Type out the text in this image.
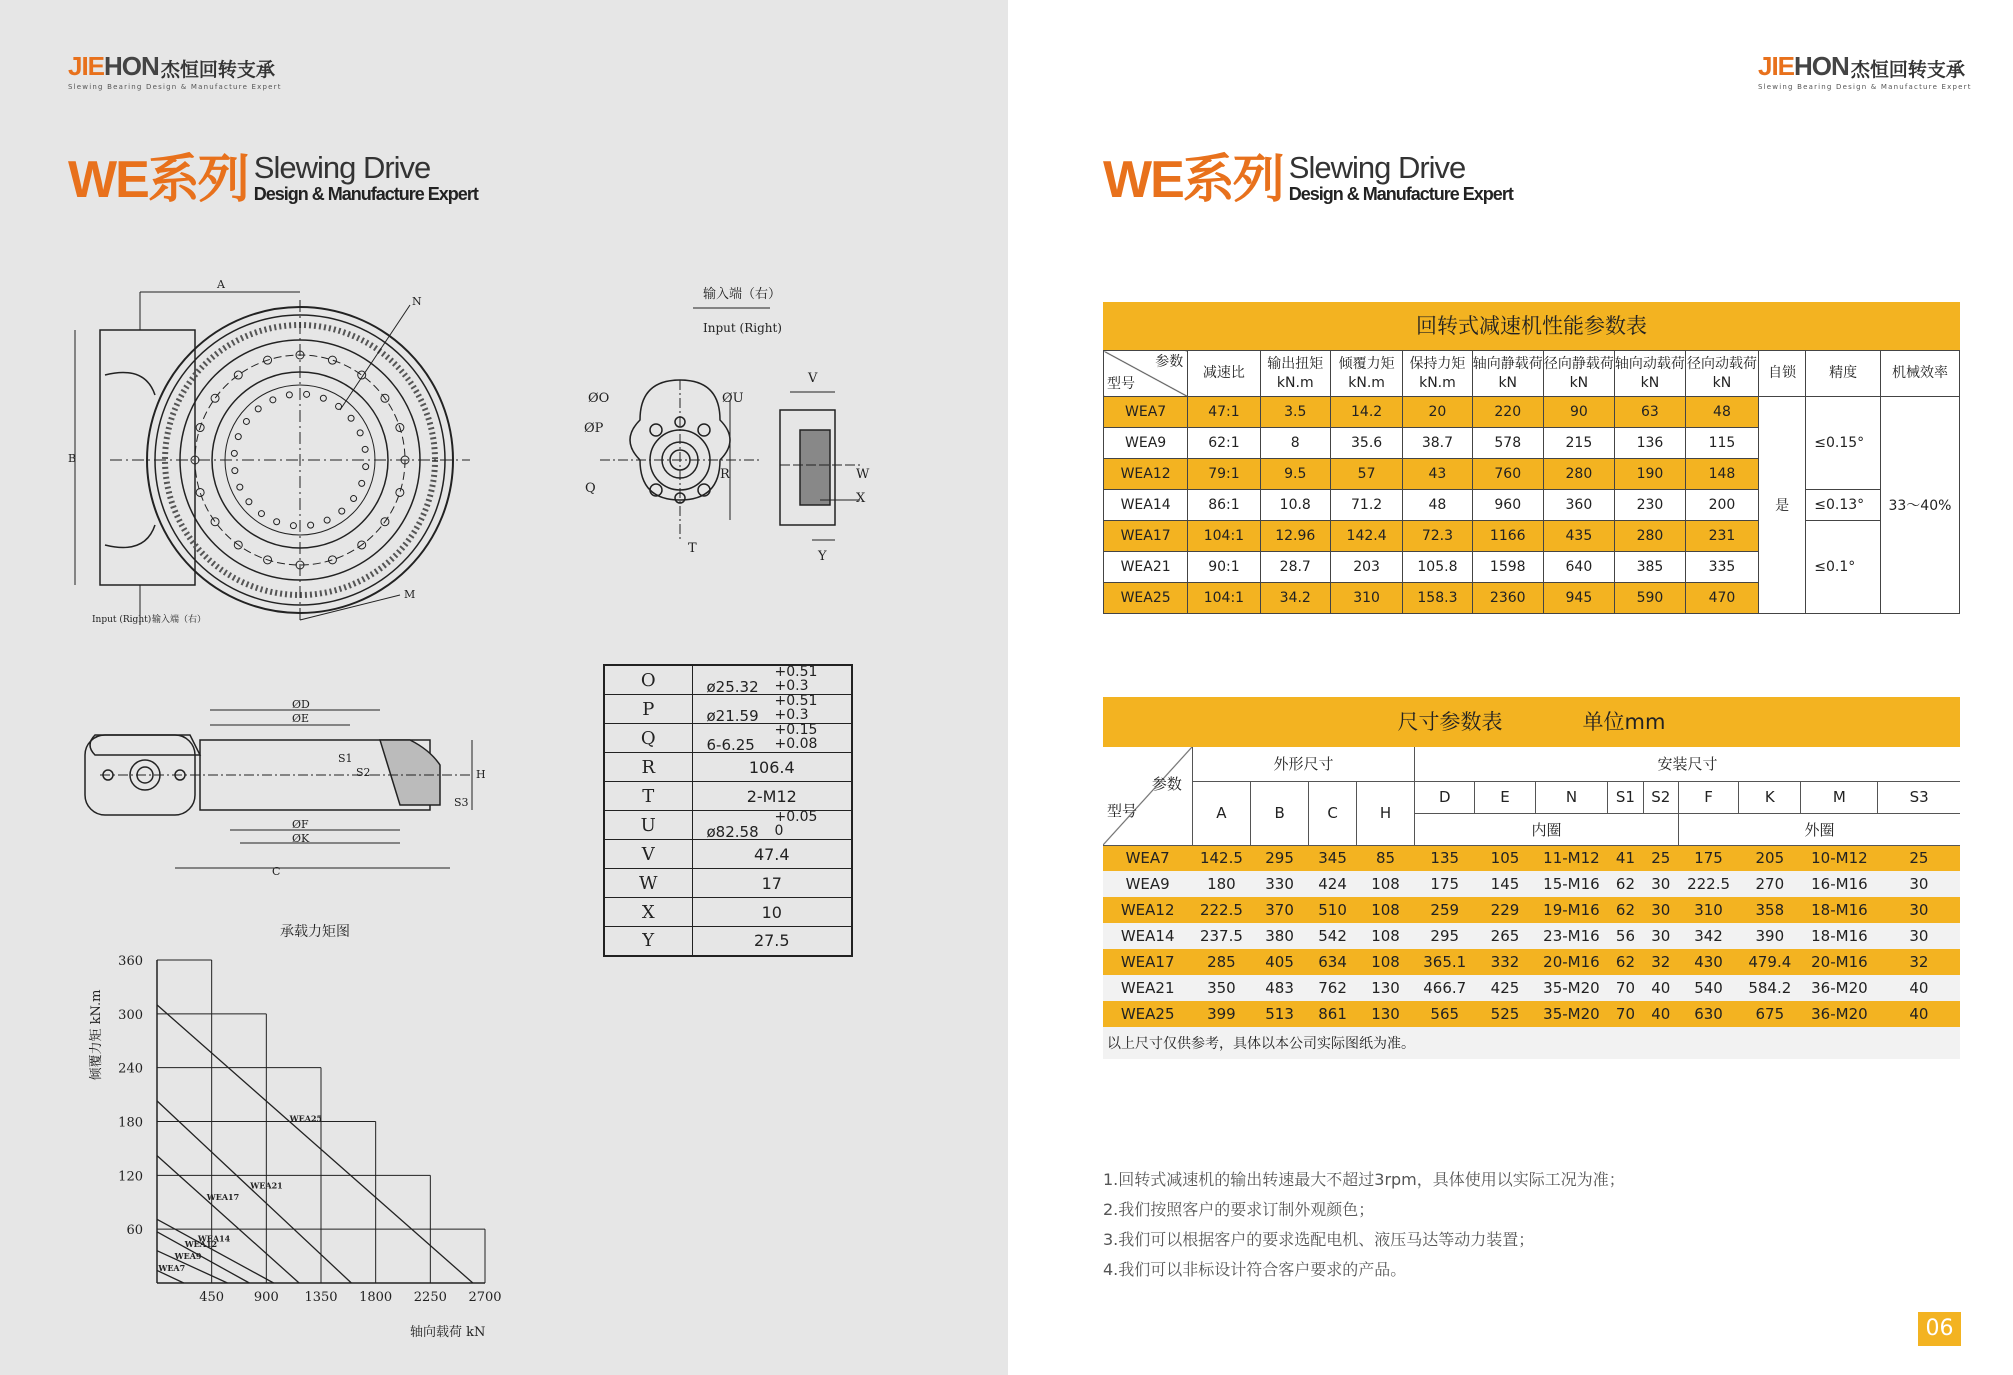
JIEHON 杰恒回转支承
Slewing Bearing Design & Manufacture Expert
WE系列 Slewing Drive
Design & Manufacture Expert
A
B
N
M
Input (Right) 输入端（右）
输入端（右）
Input (Right)
ØO	ØU
ØP
Q
R
T
V
W
X
Y
ØD
ØE
ØF
ØK
S1
S2
S3
H
C
承载力矩图
450 900 1350 1800 2250 2700
60
120
180
240
300
360
轴向载荷 kN
倾覆力矩 kN.m
WEA25
WEA21
WEA17
WEA14
WEA12
WEA9
WEA7
O	ø25.32
+0.51
+0.3

P	ø21.59
+0.51
+0.3

Q	6-6.25
+0.15
+0.08

R	106.4
T	2-M12
U	ø82.58
+0.05
0

V	47.4
W	17
X	10
Y	27.5
JIEHON 杰恒回转支承
Slewing Bearing Design & Manufacture Expert
WE系列 Slewing Drive
Design & Manufacture Expert
回转式减速机性能参数表
参数
型号	减速比	输出扭矩kN.m	倾覆力矩kN.m	保持力矩kN.m	轴向静载荷kN	径向静载荷kN	轴向动载荷kN	径向动载荷kN	自锁	精度	机械效率
WEA7	47:1	3.5	14.2	20	220	90	63	48	是	≤0.15°	33～40%
WEA9	62:1	8	35.6	38.7	578	215	136	115			
WEA12	79:1	9.5	57	43	760	280	190	148			
WEA14	86:1	10.8	71.2	48	960	360	230	200		≤0.13°	
WEA17	104:1	12.96	142.4	72.3	1166	435	280	231		≤0.1°	
WEA21	90:1	28.7	203	105.8	1598	640	385	335			
WEA25	104:1	34.2	310	158.3	2360	945	590	470			
尺寸参数表	单位mm
参数
型号	外形尺寸				安装尺寸								
	A	B	C	H	D	E	N	S1	S2	F	K	M	S3
					内圈					外圈			
WEA7	142.5	295	345	85	135	105	11-M12	41	25	175	205	10-M12	25
WEA9	180	330	424	108	175	145	15-M16	62	30	222.5	270	16-M16	30
WEA12	222.5	370	510	108	259	229	19-M16	62	30	310	358	18-M16	30
WEA14	237.5	380	542	108	295	265	23-M16	56	30	342	390	18-M16	30
WEA17	285	405	634	108	365.1	332	20-M16	62	32	430	479.4	20-M16	32
WEA21	350	483	762	130	466.7	425	35-M20	70	40	540	584.2	36-M20	40
WEA25	399	513	861	130	565	525	35-M20	70	40	630	675	36-M20	40
以上尺寸仅供参考，具体以本公司实际图纸为准。													
1.回转式减速机的输出转速最大不超过3rpm，具体使用以实际工况为准；
2.我们按照客户的要求订制外观颜色；
3.我们可以根据客户的要求选配电机、液压马达等动力装置；
4.我们可以非标设计符合客户要求的产品。
06
